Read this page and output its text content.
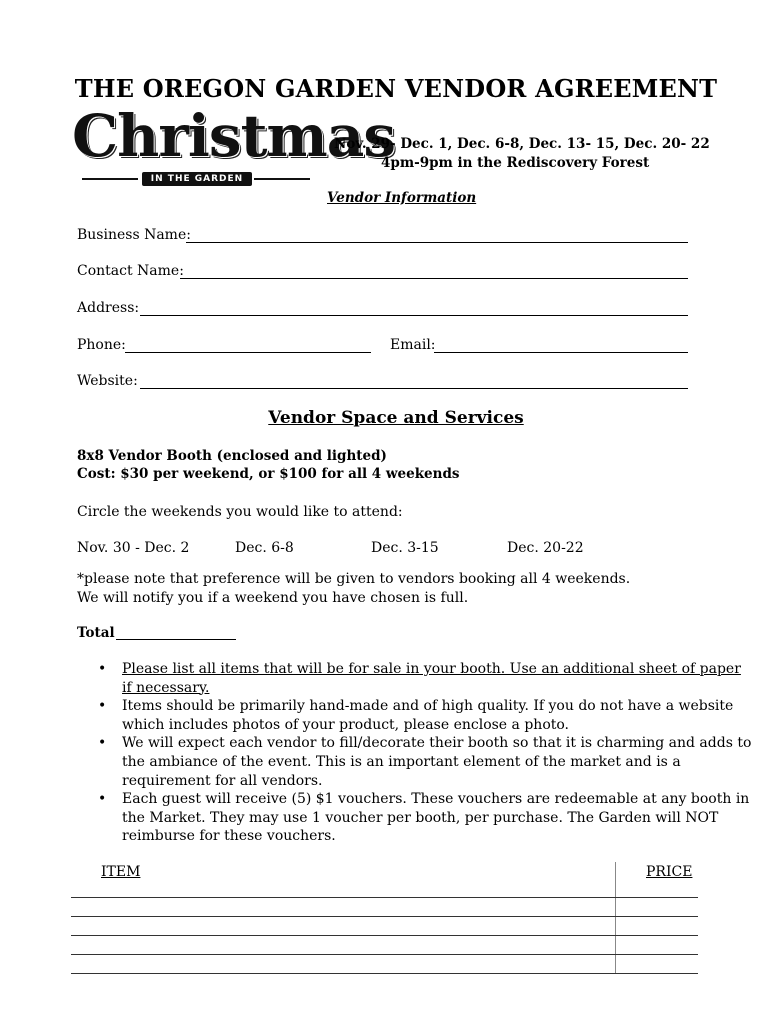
THE OREGON GARDEN VENDOR AGREEMENT
Christmas
IN THE GARDEN
Nov. 29- Dec. 1, Dec. 6-8, Dec. 13- 15, Dec. 20- 22
4pm-9pm in the Rediscovery Forest
Vendor Information
Business Name:
Contact Name:
Address:
Phone:	Email:
Website:
Vendor Space and Services
8x8 Vendor Booth (enclosed and lighted)
Cost: $30 per weekend, or $100 for all 4 weekends
Circle the weekends you would like to attend:
Nov. 30 - Dec. 2	Dec. 6-8	Dec. 3-15	Dec. 20-22
*please note that preference will be given to vendors booking all 4 weekends.
We will notify you if a weekend you have chosen is full.
Total
• Please list all items that will be for sale in your booth. Use an additional sheet of paper if necessary.
• Items should be primarily hand-made and of high quality. If you do not have a website which includes photos of your product, please enclose a photo.
• We will expect each vendor to fill/decorate their booth so that it is charming and adds to the ambiance of the event. This is an important element of the market and is a requirement for all vendors.
• Each guest will receive (5) $1 vouchers. These vouchers are redeemable at any booth in the Market. They may use 1 voucher per booth, per purchase. The Garden will NOT reimburse for these vouchers.
ITEM	PRICE
